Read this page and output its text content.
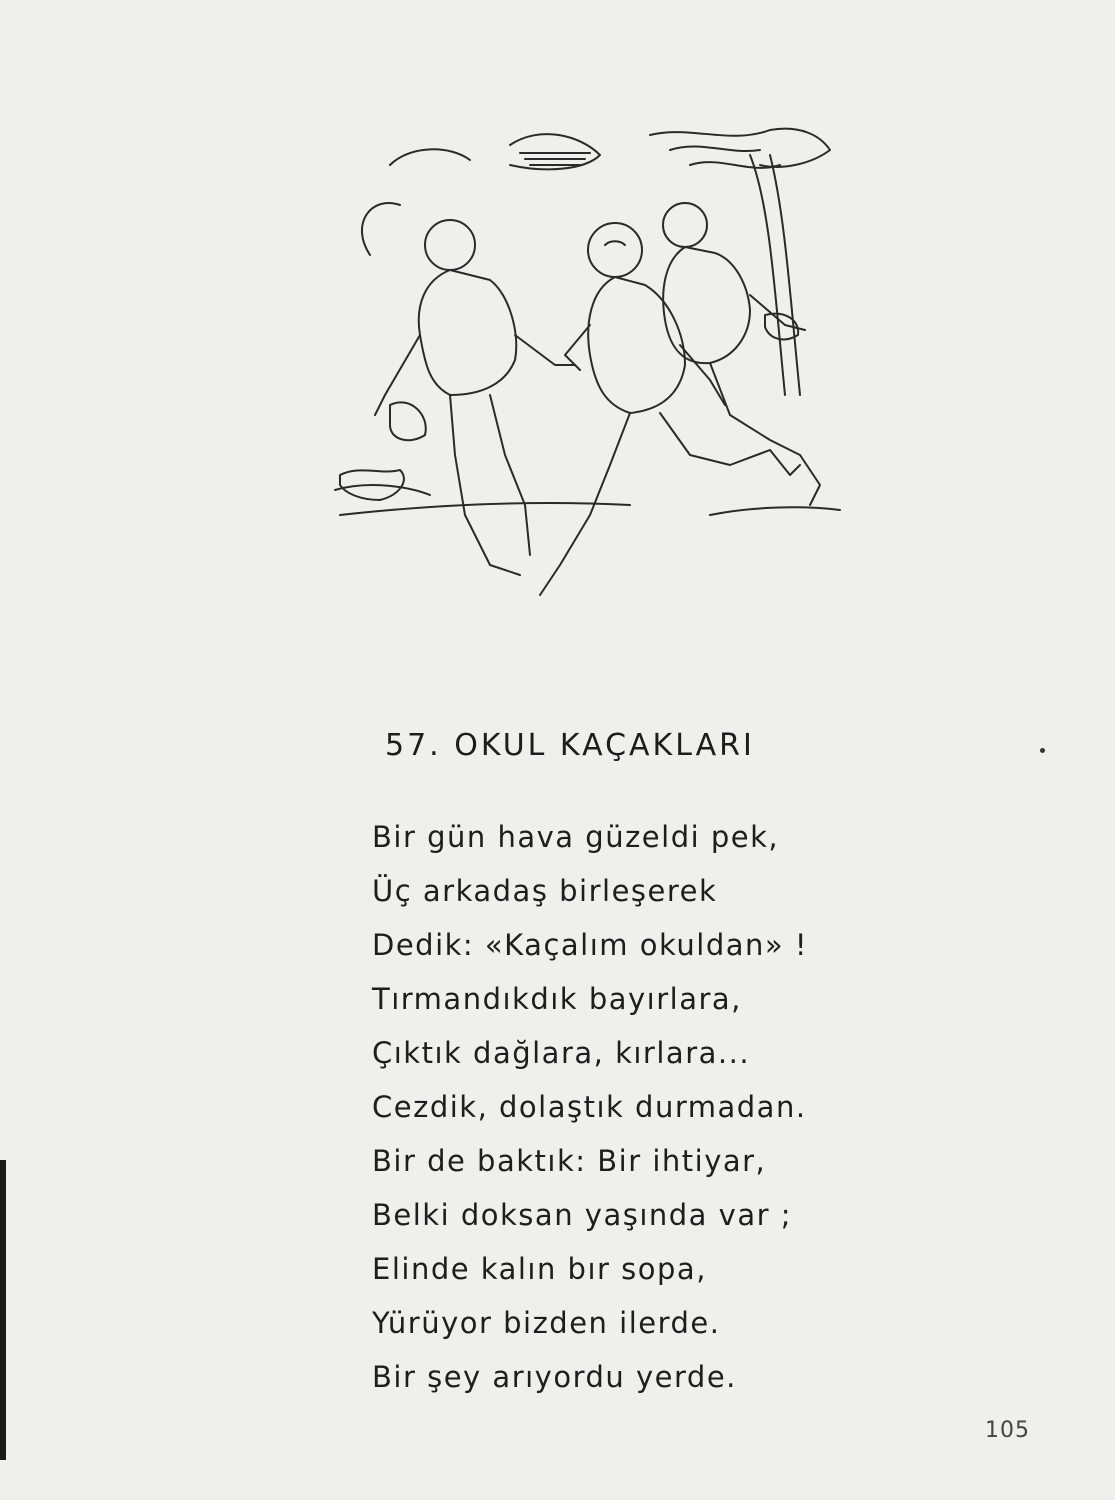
57. OKUL KAÇAKLARI
Bir gün hava güzeldi pek,
Üç arkadaş birleşerek
Dedik: «Kaçalım okuldan» !
Tırmandıkdık bayırlara,
Çıktık dağlara, kırlara...
Cezdik, dolaştık durmadan.
Bir de baktık: Bir ihtiyar,
Belki doksan yaşında var ;
Elinde kalın bır sopa,
Yürüyor bizden ilerde.
Bir şey arıyordu yerde.
105
